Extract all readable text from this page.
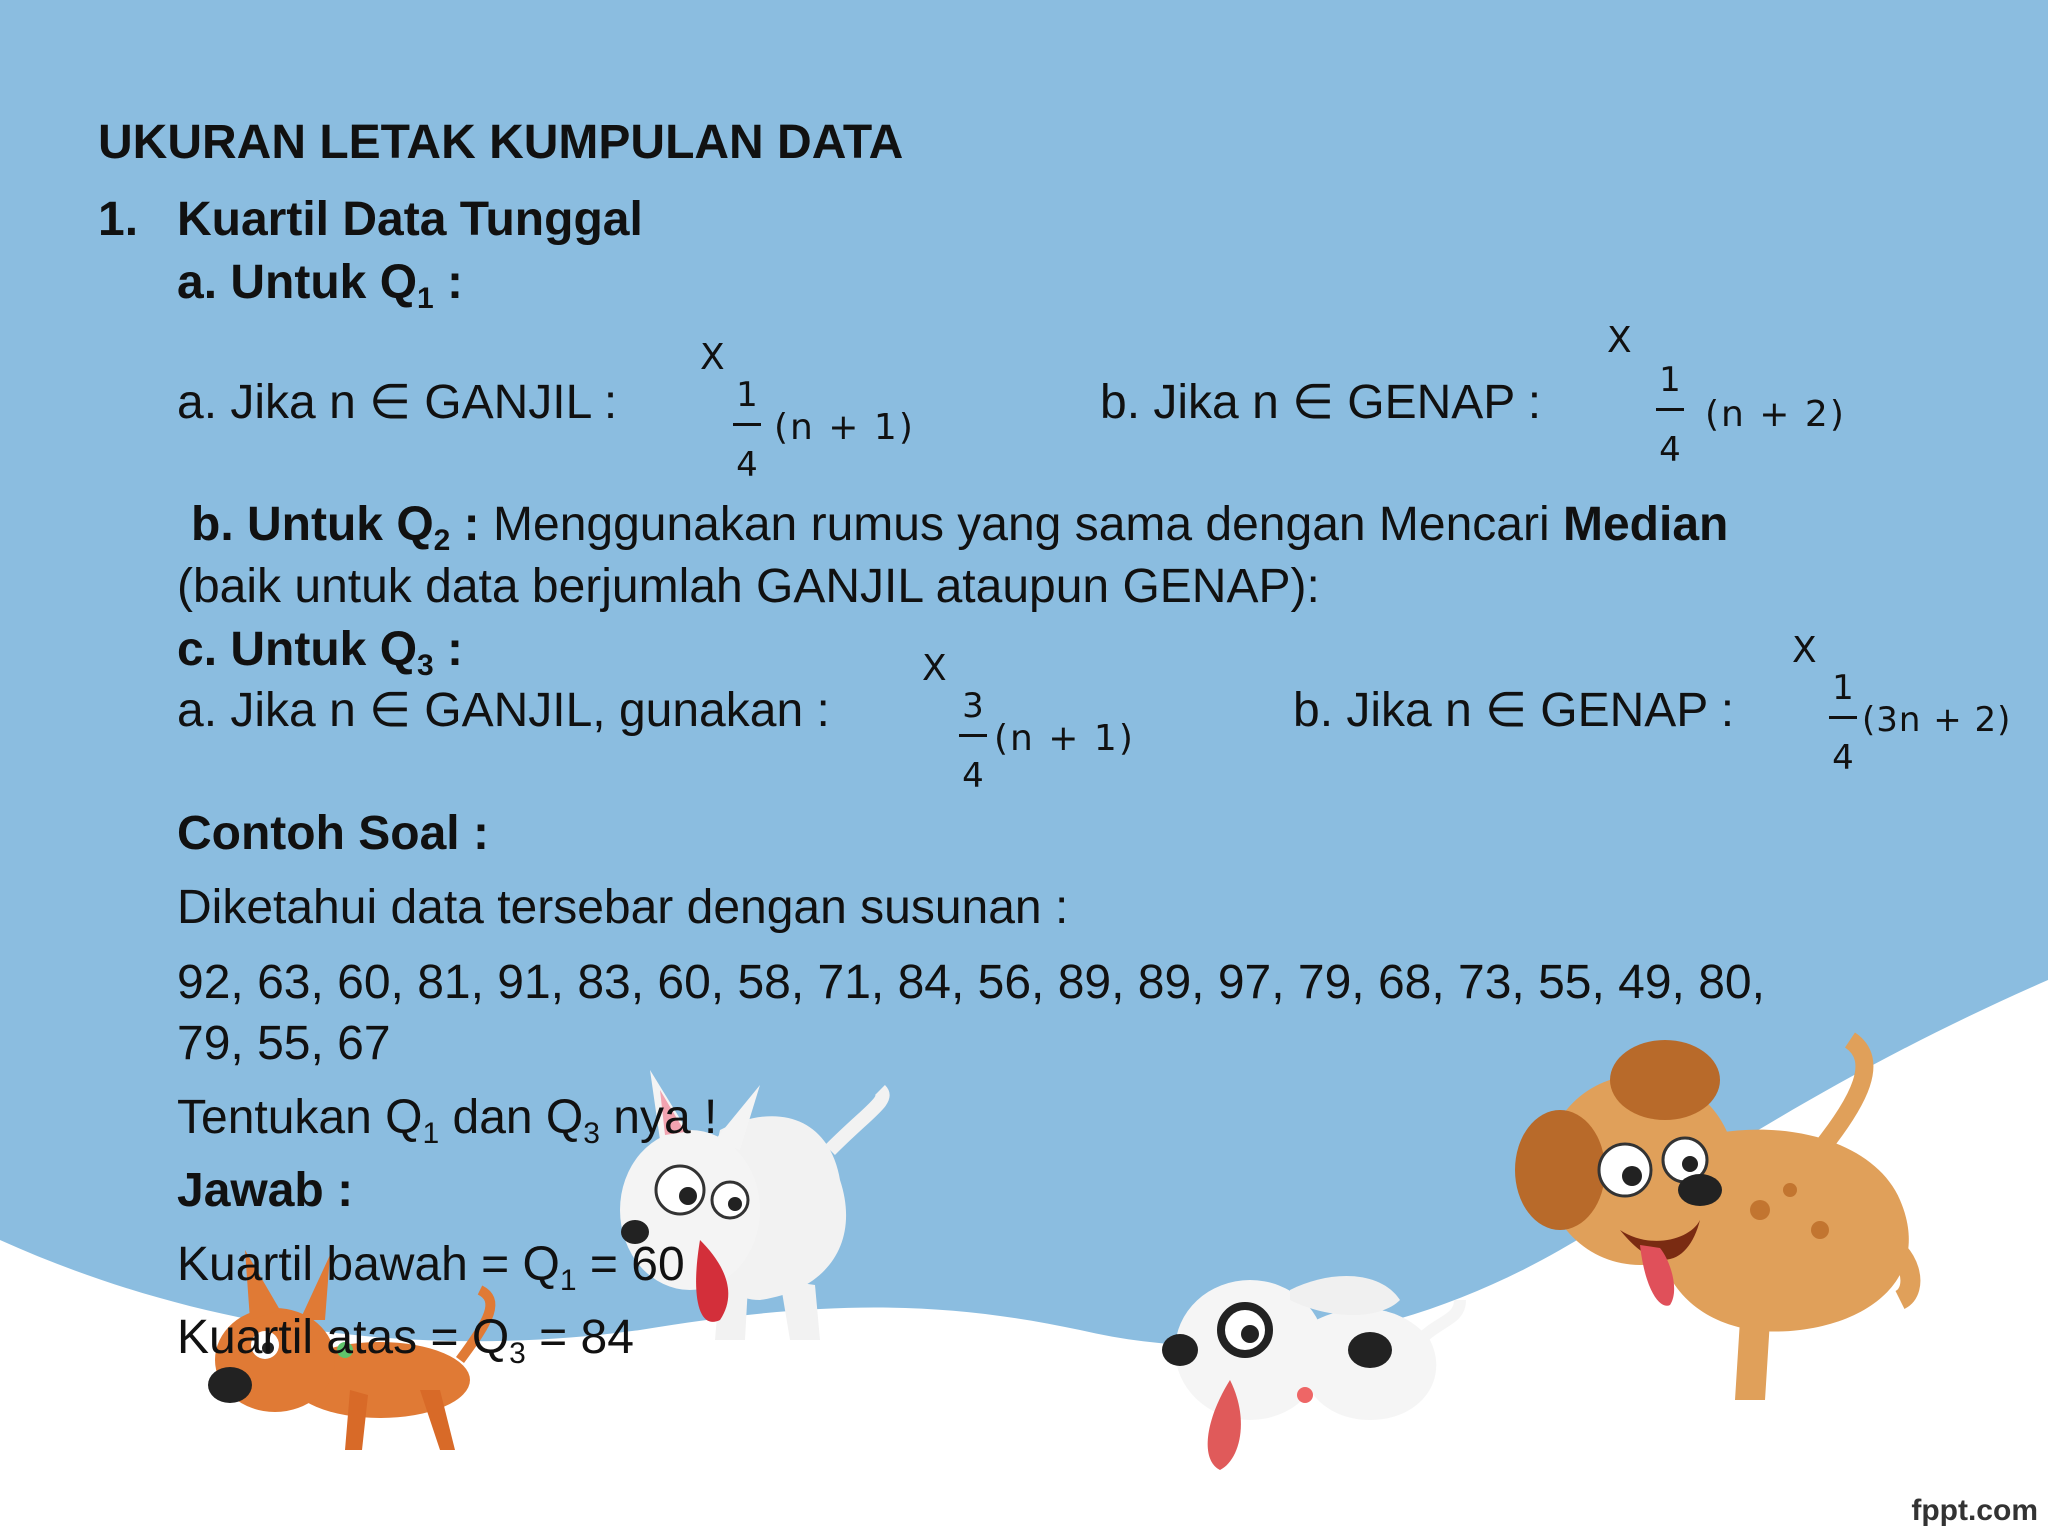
UKURAN LETAK KUMPULAN DATA
1. Kuartil Data Tunggal
a. Untuk $Q_1$ :
a. Jika n ∈ GANJIL :
X
1
4
(n + 1)	b. Jika n ∈ GENAP :
X
1
4
(n + 2)
b. Untuk $Q_2$ : Menggunakan rumus yang sama dengan Mencari Median
(baik untuk data berjumlah GANJIL ataupun GENAP):
c. Untuk $Q_3$ :
a. Jika n ∈ GANJIL, gunakan :
X
3
4
(n + 1)
b. Jika n ∈ GENAP :
X
1
4
(3n + 2)
Contoh Soal :
Diketahui data tersebar dengan susunan :
92, 63, 60, 81, 91, 83, 60, 58, 71, 84, 56, 89, 89, 97, 79, 68, 73, 55, 49, 80,
79, 55, 67
Tentukan $Q_1$ dan $Q_3$ nya !
Jawab :
Kuartil bawah = $Q_1 = 60$
Kuartil atas = $Q_3 = 84$
fppt.com
